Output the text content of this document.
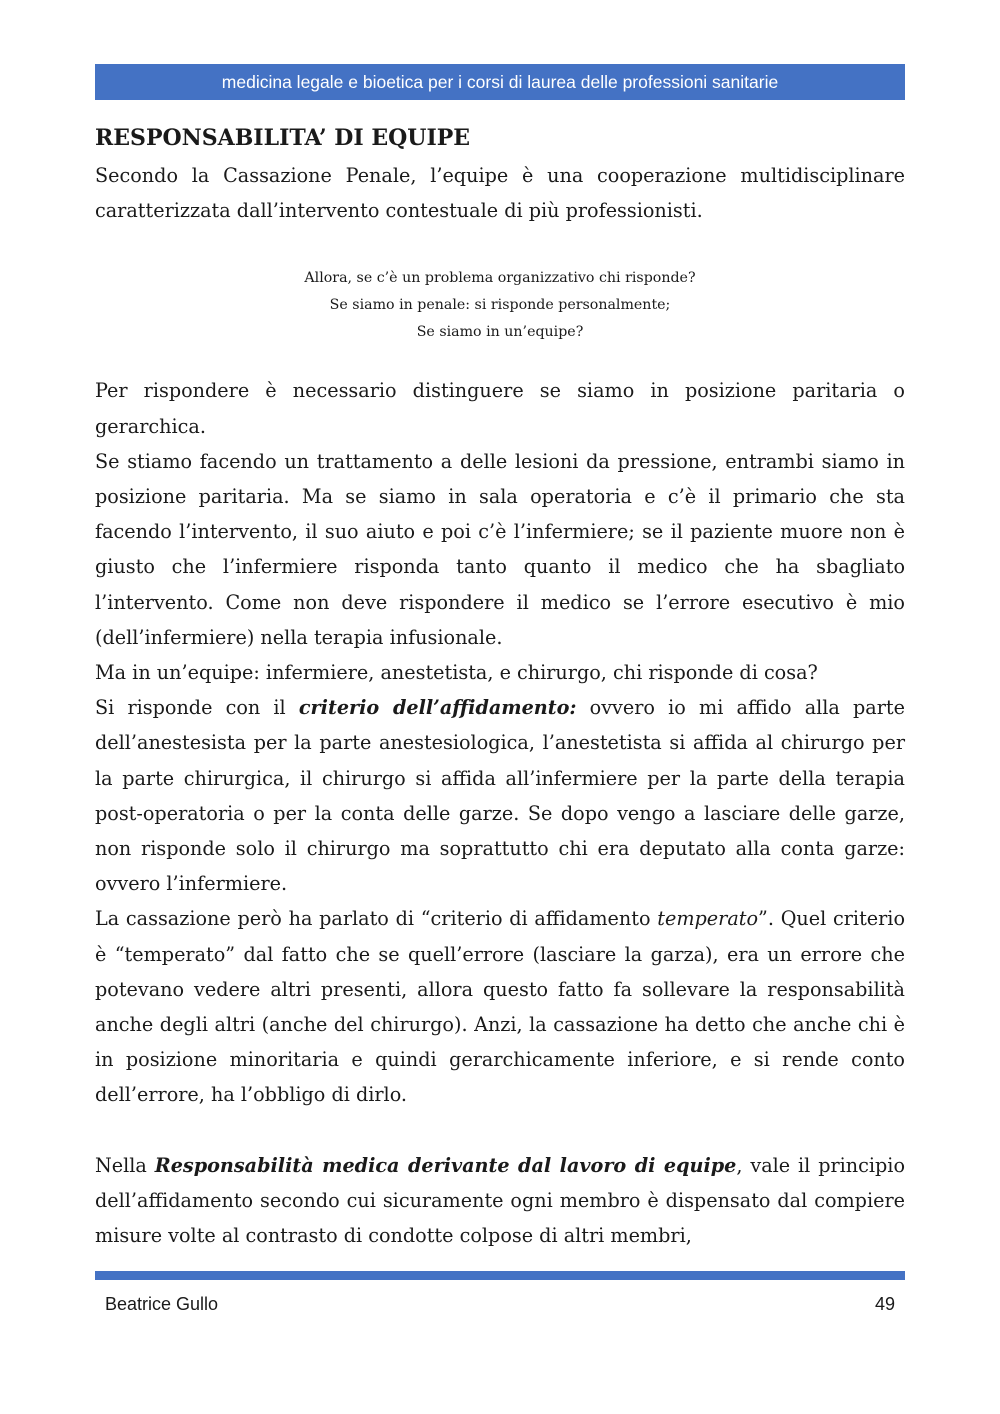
medicina legale e bioetica per i corsi di laurea delle professioni sanitarie
RESPONSABILITA’ DI EQUIPE

Secondo la Cassazione Penale, l’equipe è una cooperazione multidisciplinare caratterizzata dall’intervento contestuale di più professionisti.

Allora, se c’è un problema organizzativo chi risponde?

Se siamo in penale: si risponde personalmente;

Se siamo in un’equipe?

Per rispondere è necessario distinguere se siamo in posizione paritaria o gerarchica.

Se stiamo facendo un trattamento a delle lesioni da pressione, entrambi siamo in posizione paritaria. Ma se siamo in sala operatoria e c’è il primario che sta facendo l’intervento, il suo aiuto e poi c’è l’infermiere; se il paziente muore non è giusto che l’infermiere risponda tanto quanto il medico che ha sbagliato l’intervento. Come non deve rispondere il medico se l’errore esecutivo è mio (dell’infermiere) nella terapia infusionale.

Ma in un’equipe: infermiere, anestetista, e chirurgo, chi risponde di cosa?

Si risponde con il criterio dell’affidamento: ovvero io mi affido alla parte dell’anestesista per la parte anestesiologica, l’anestetista si affida al chirurgo per la parte chirurgica, il chirurgo si affida all’infermiere per la parte della terapia post-operatoria o per la conta delle garze. Se dopo vengo a lasciare delle garze, non risponde solo il chirurgo ma soprattutto chi era deputato alla conta garze: ovvero l’infermiere.

La cassazione però ha parlato di “criterio di affidamento temperato”. Quel criterio è “temperato” dal fatto che se quell’errore (lasciare la garza), era un errore che potevano vedere altri presenti, allora questo fatto fa sollevare la responsabilità anche degli altri (anche del chirurgo). Anzi, la cassazione ha detto che anche chi è in posizione minoritaria e quindi gerarchicamente inferiore, e si rende conto dell’errore, ha l’obbligo di dirlo.

Nella Responsabilità medica derivante dal lavoro di equipe, vale il principio dell’affidamento secondo cui sicuramente ogni membro è dispensato dal compiere misure volte al contrasto di condotte colpose di altri membri,

Beatrice Gullo	49
